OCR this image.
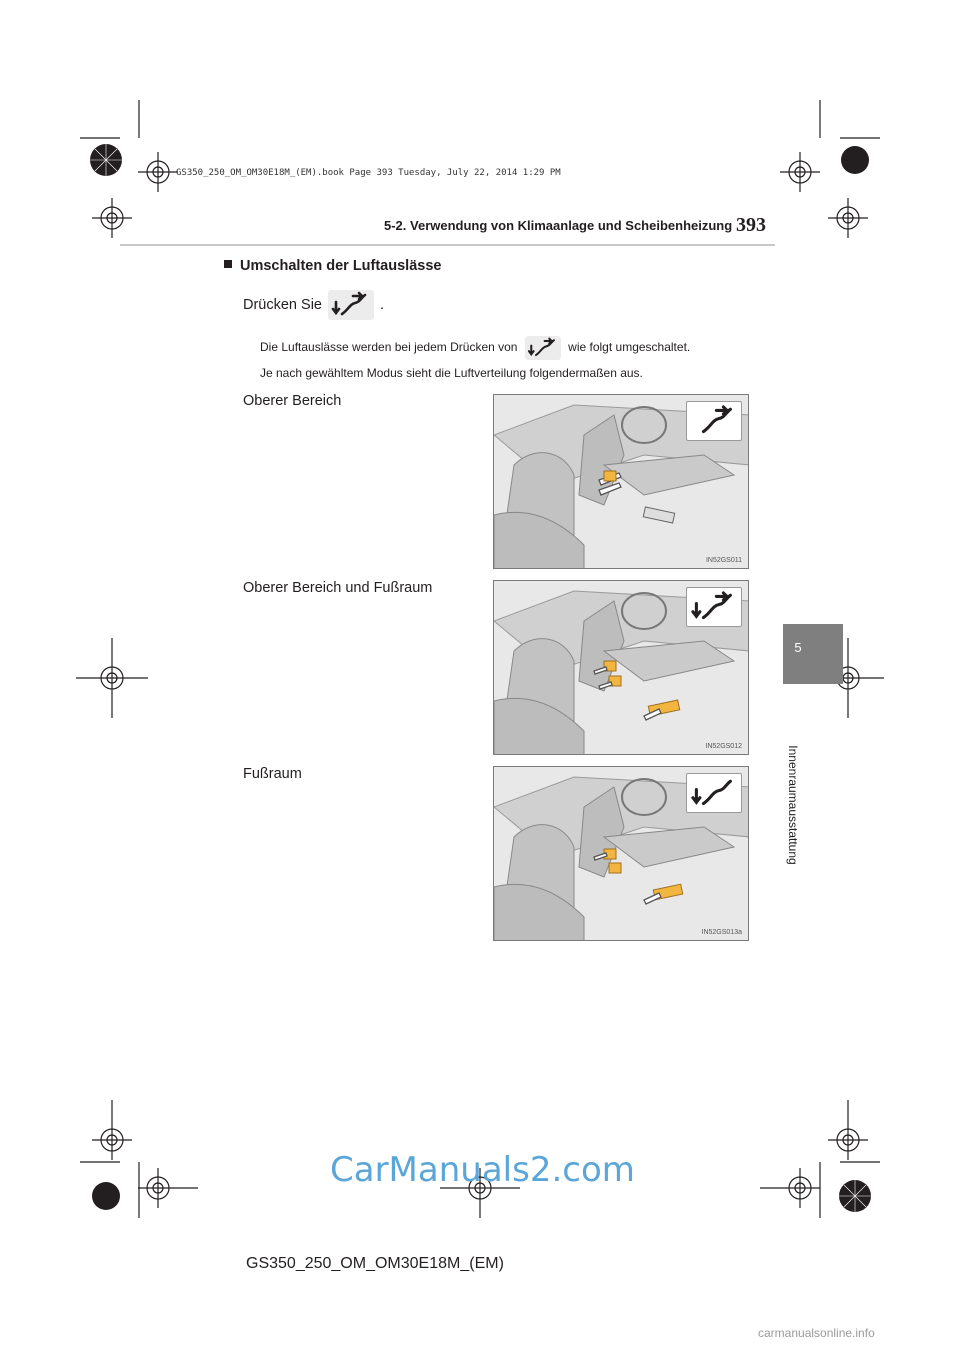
GS350_250_OM_OM30E18M_(EM).book Page 393 Tuesday, July 22, 2014 1:29 PM
5-2. Verwendung von Klimaanlage und Scheibenheizung 393
5
Innenraumausstattung
Umschalten der Luftauslässe
Drücken Sie	.
Die Luftauslässe werden bei jedem Drücken von	wie folgt umgeschaltet.
Je nach gewähltem Modus sieht die Luftverteilung folgendermaßen aus.
Oberer Bereich
IN52GS011
Oberer Bereich und Fußraum
IN52GS012
Fußraum
IN52GS013a
CarManuals2.com
GS350_250_OM_OM30E18M_(EM)
carmanualsonline.info
